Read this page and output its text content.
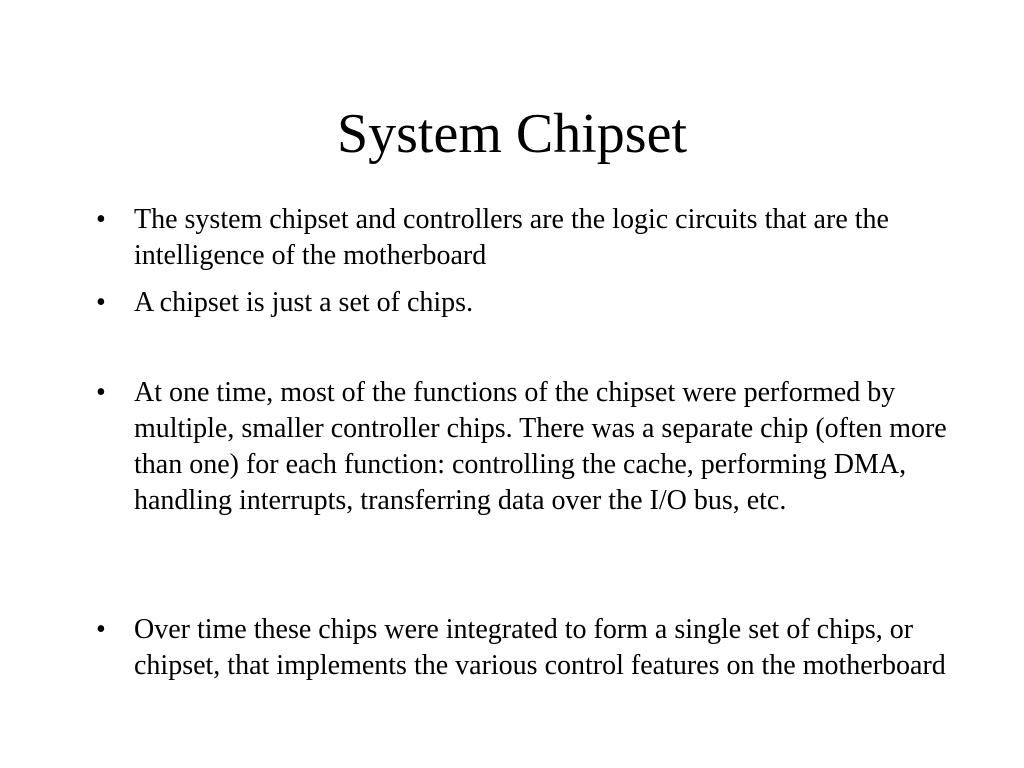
System Chipset
•	The system chipset and controllers are the logic circuits that are the intelligence of the motherboard
•	A chipset is just a set of chips.
•	At one time, most of the functions of the chipset were performed by multiple, smaller controller chips. There was a separate chip (often more than one) for each function: controlling the cache, performing DMA, handling interrupts, transferring data over the I/O bus, etc.
•	Over time these chips were integrated to form a single set of chips, or chipset, that implements the various control features on the motherboard
